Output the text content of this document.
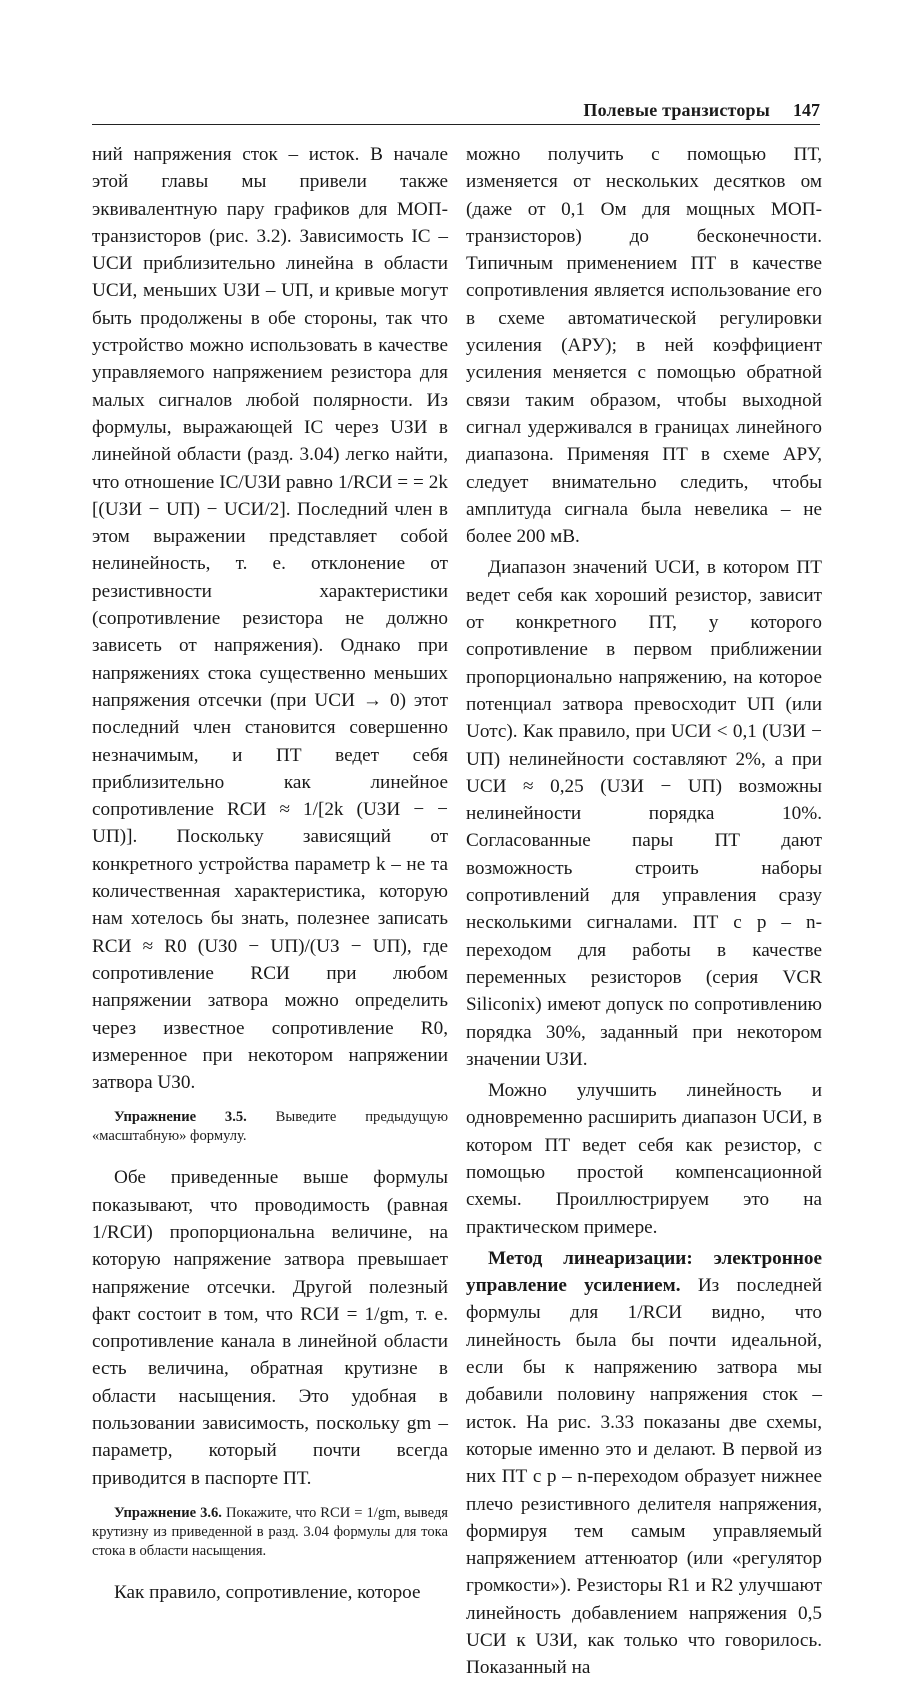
Полевые транзисторы 147

ний напряжения сток – исток. В начале этой главы мы привели также эквивалентную пару графиков для МОП-транзисторов (рис. 3.2). Зависимость IС – UСИ приблизительно линейна в области UСИ, меньших UЗИ – UП, и кривые могут быть продолжены в обе стороны, так что устройство можно использовать в качестве управляемого напряжением резистора для малых сигналов любой полярности. Из формулы, выражающей IС через UЗИ в линейной области (разд. 3.04) легко найти, что отношение IС/UЗИ равно 1/RСИ = = 2k [(UЗИ − UП) − UСИ/2]. Последний член в этом выражении представляет собой нелинейность, т. е. отклонение от резистивности характеристики (сопротивление резистора не должно зависеть от напряжения). Однако при напряжениях стока существенно меньших напряжения отсечки (при UСИ → 0) этот последний член становится совершенно незначимым, и ПТ ведет себя приблизительно как линейное сопротивление RСИ ≈ 1/[2k (UЗИ − − UП)]. Поскольку зависящий от конкретного устройства параметр k – не та количественная характеристика, которую нам хотелось бы знать, полезнее записать RСИ ≈ R0 (UЗ0 − UП)/(UЗ − UП), где сопротивление RСИ при любом напряжении затвора можно определить через известное сопротивление R0, измеренное при некотором напряжении затвора UЗ0.

Упражнение 3.5. Выведите предыдущую «масштабную» формулу.

Обе приведенные выше формулы показывают, что проводимость (равная 1/RСИ) пропорциональна величине, на которую напряжение затвора превышает напряжение отсечки. Другой полезный факт состоит в том, что RСИ = 1/gm, т. е. сопротивление канала в линейной области есть величина, обратная крутизне в области насыщения. Это удобная в пользовании зависимость, поскольку gm – параметр, который почти всегда приводится в паспорте ПТ.

Упражнение 3.6. Покажите, что RСИ = 1/gm, выведя крутизну из приведенной в разд. 3.04 формулы для тока стока в области насыщения.

Как правило, сопротивление, которое

можно получить с помощью ПТ, изменяется от нескольких десятков ом (даже от 0,1 Ом для мощных МОП-транзисторов) до бесконечности. Типичным применением ПТ в качестве сопротивления является использование его в схеме автоматической регулировки усиления (АРУ); в ней коэффициент усиления меняется с помощью обратной связи таким образом, чтобы выходной сигнал удерживался в границах линейного диапазона. Применяя ПТ в схеме АРУ, следует внимательно следить, чтобы амплитуда сигнала была невелика – не более 200 мВ.

Диапазон значений UСИ, в котором ПТ ведет себя как хороший резистор, зависит от конкретного ПТ, у которого сопротивление в первом приближении пропорционально напряжению, на которое потенциал затвора превосходит UП (или Uотс). Как правило, при UСИ < 0,1 (UЗИ − UП) нелинейности составляют 2%, а при UСИ ≈ 0,25 (UЗИ − UП) возможны нелинейности порядка 10%. Согласованные пары ПТ дают возможность строить наборы сопротивлений для управления сразу несколькими сигналами. ПТ с p – n-переходом для работы в качестве переменных резисторов (серия VCR Siliconix) имеют допуск по сопротивлению порядка 30%, заданный при некотором значении UЗИ.

Можно улучшить линейность и одновременно расширить диапазон UСИ, в котором ПТ ведет себя как резистор, с помощью простой компенсационной схемы. Проиллюстрируем это на практическом примере.

Метод линеаризации: электронное управление усилением. Из последней формулы для 1/RСИ видно, что линейность была бы почти идеальной, если бы к напряжению затвора мы добавили половину напряжения сток – исток. На рис. 3.33 показаны две схемы, которые именно это и делают. В первой из них ПТ с p – n-переходом образует нижнее плечо резистивного делителя напряжения, формируя тем самым управляемый напряжением аттенюатор (или «регулятор громкости»). Резисторы R1 и R2 улучшают линейность добавлением напряжения 0,5 UСИ к UЗИ, как только что говорилось. Показанный на
